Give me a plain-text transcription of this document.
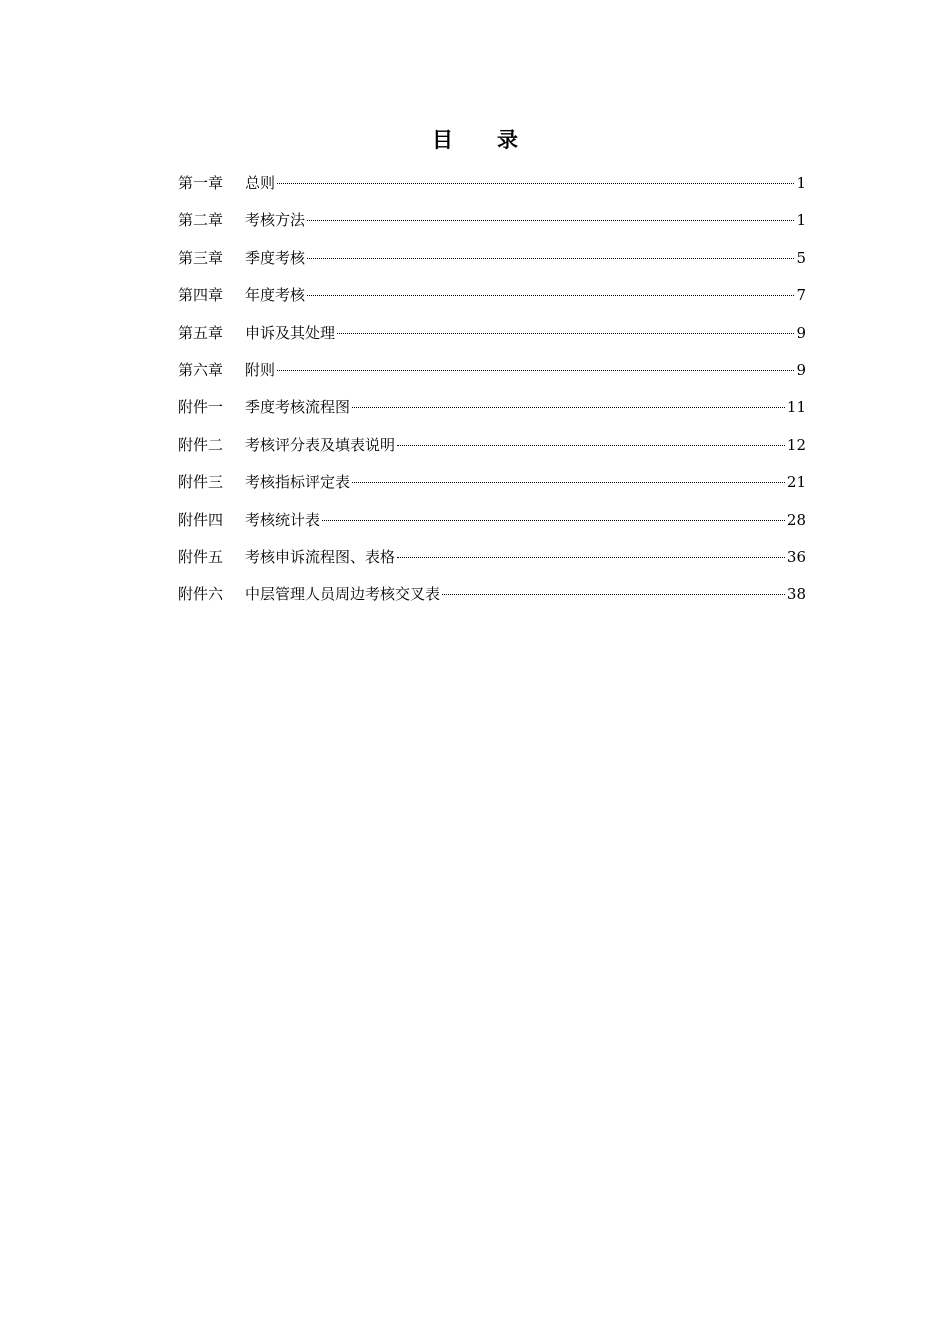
目 录
第一章	总则	1
第二章	考核方法	1
第三章	季度考核	5
第四章	年度考核	7
第五章	申诉及其处理	9
第六章	附则	9
附件一	季度考核流程图	11
附件二	考核评分表及填表说明	12
附件三	考核指标评定表	21
附件四	考核统计表	28
附件五	考核申诉流程图、表格	36
附件六	中层管理人员周边考核交叉表	38
